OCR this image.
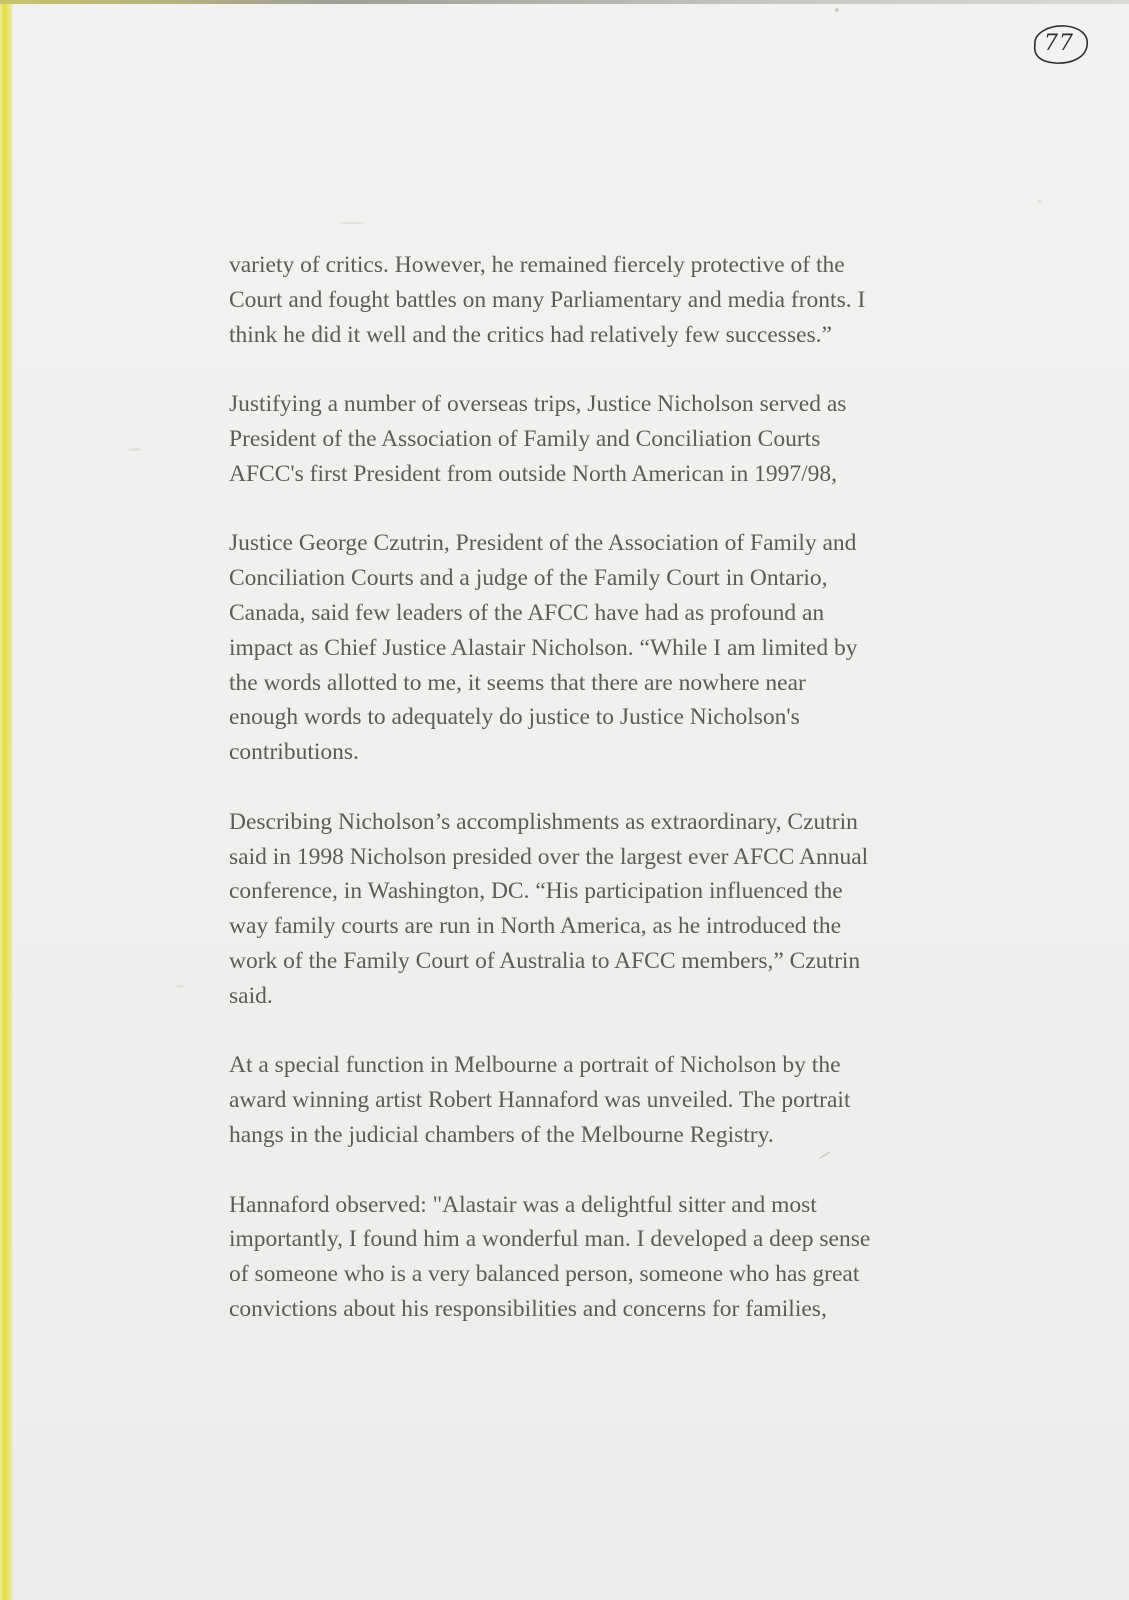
77

variety of critics. However, he remained fiercely protective of the
Court and fought battles on many Parliamentary and media fronts. I
think he did it well and the critics had relatively few successes.”

Justifying a number of overseas trips, Justice Nicholson served as
President of the Association of Family and Conciliation Courts
AFCC's first President from outside North American in 1997/98,

Justice George Czutrin, President of the Association of Family and
Conciliation Courts and a judge of the Family Court in Ontario,
Canada, said few leaders of the AFCC have had as profound an
impact as Chief Justice Alastair Nicholson. “While I am limited by
the words allotted to me, it seems that there are nowhere near
enough words to adequately do justice to Justice Nicholson's
contributions.

Describing Nicholson’s accomplishments as extraordinary, Czutrin
said in 1998 Nicholson presided over the largest ever AFCC Annual
conference, in Washington, DC. “His participation influenced the
way family courts are run in North America, as he introduced the
work of the Family Court of Australia to AFCC members,” Czutrin
said.

At a special function in Melbourne a portrait of Nicholson by the
award winning artist Robert Hannaford was unveiled. The portrait
hangs in the judicial chambers of the Melbourne Registry.

Hannaford observed: "Alastair was a delightful sitter and most
importantly, I found him a wonderful man. I developed a deep sense
of someone who is a very balanced person, someone who has great
convictions about his responsibilities and concerns for families,
